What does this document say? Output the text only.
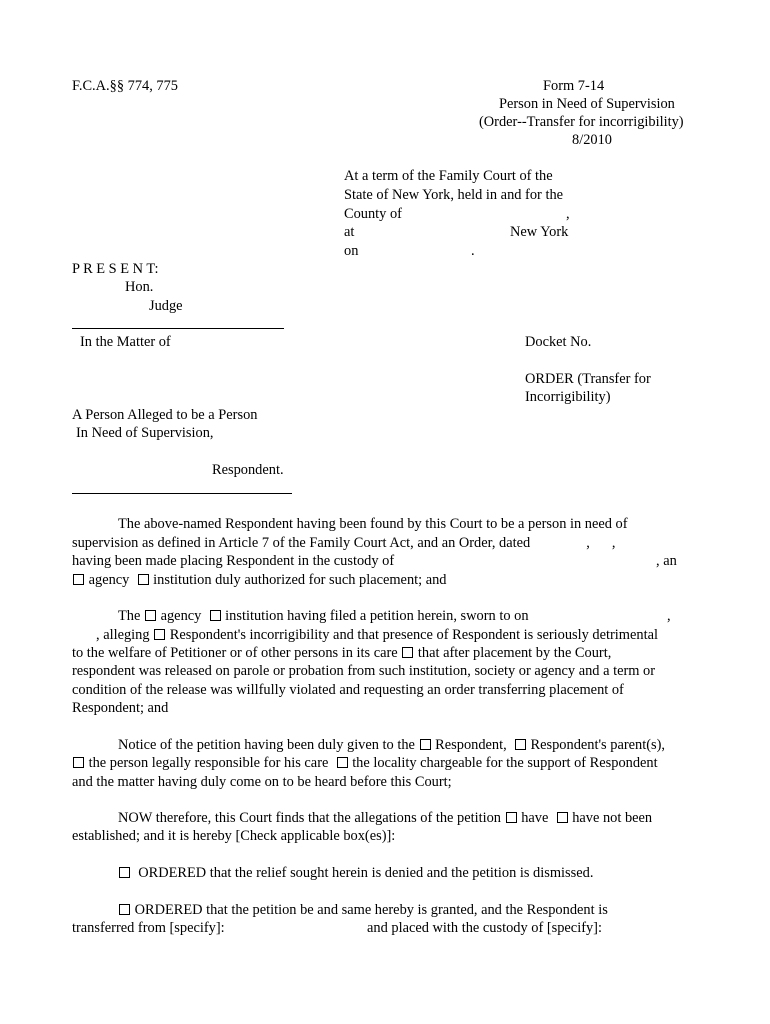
F.C.A.§§ 774, 775	Form 7-14
Person in Need of Supervision
(Order--Transfer for incorrigibility)
8/2010
At a term of the Family Court of the
State of New York, held in and for the
County of	,
at	New York
on	.
P R E S E N T:
Hon.
Judge
In the Matter of	Docket No.
ORDER (Transfer for
Incorrigibility)
A Person Alleged to be a Person
In Need of Supervision,
Respondent.
The above-named Respondent having been found by this Court to be a person in need of
supervision as defined in Article 7 of the Family Court Act, and an Order, dated	, ,
having been made placing Respondent in the custody of	, an
agency institution duly authorized for such placement; and
The agency institution having filed a petition herein, sworn to on	,
, alleging Respondent's incorrigibility and that presence of Respondent is seriously detrimental
to the welfare of Petitioner or of other persons in its care that after placement by the Court,
respondent was released on parole or probation from such institution, society or agency and a term or
condition of the release was willfully violated and requesting an order transferring placement of
Respondent; and
Notice of the petition having been duly given to the Respondent, Respondent's parent(s),
the person legally responsible for his care the locality chargeable for the support of Respondent
and the matter having duly come on to be heard before this Court;
NOW therefore, this Court finds that the allegations of the petition have have not been
established; and it is hereby [Check applicable box(es)]:
ORDERED that the relief sought herein is denied and the petition is dismissed.
ORDERED that the petition be and same hereby is granted, and the Respondent is
transferred from [specify]:	and placed with the custody of [specify]:
